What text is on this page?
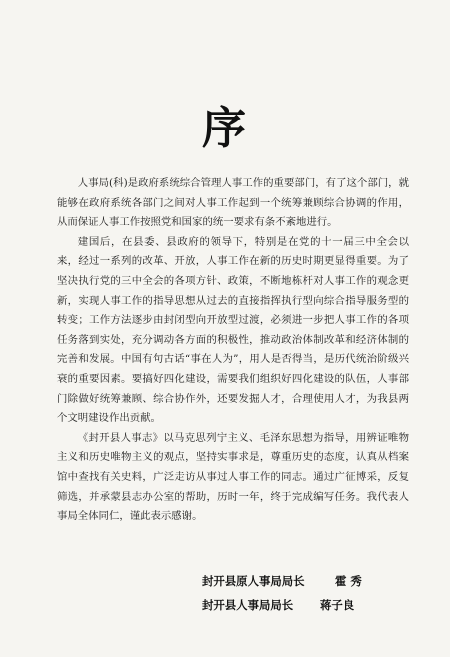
序

人事局(科)是政府系统综合管理人事工作的重要部门，有了这个部门，就能够在政府系统各部门之间对人事工作起到一个统筹兼顾综合协调的作用，从而保证人事工作按照党和国家的统一要求有条不紊地进行。

建国后，在县委、县政府的领导下，特别是在党的十一届三中全会以来，经过一系列的改革、开放，人事工作在新的历史时期更显得重要。为了坚决执行党的三中全会的各项方针、政策，不断地栋杆对人事工作的观念更新，实现人事工作的指导思想从过去的直接指挥执行型向综合指导服务型的转变；工作方法逐步由封闭型向开放型过渡，必须进一步把人事工作的各项任务落到实处，充分调动各方面的积极性，推动政治体制改革和经济体制的完善和发展。中国有句古话“事在人为”，用人是否得当，是历代统治阶级兴衰的重要因素。要搞好四化建设，需要我们组织好四化建设的队伍，人事部门除做好统筹兼顾、综合协作外，还要发掘人才，合理使用人才，为我县两个文明建设作出贡献。

《封开县人事志》以马克思列宁主义、毛泽东思想为指导，用辨证唯物主义和历史唯物主义的观点，坚持实事求是，尊重历史的态度，认真从档案馆中查找有关史料，广泛走访从事过人事工作的同志。通过广征博采，反复筛选，并承蒙县志办公室的帮助，历时一年，终于完成编写任务。我代表人事局全体同仁，谨此表示感谢。

封开县原人事局局长	霍 秀
封开县人事局局长 蒋子良
